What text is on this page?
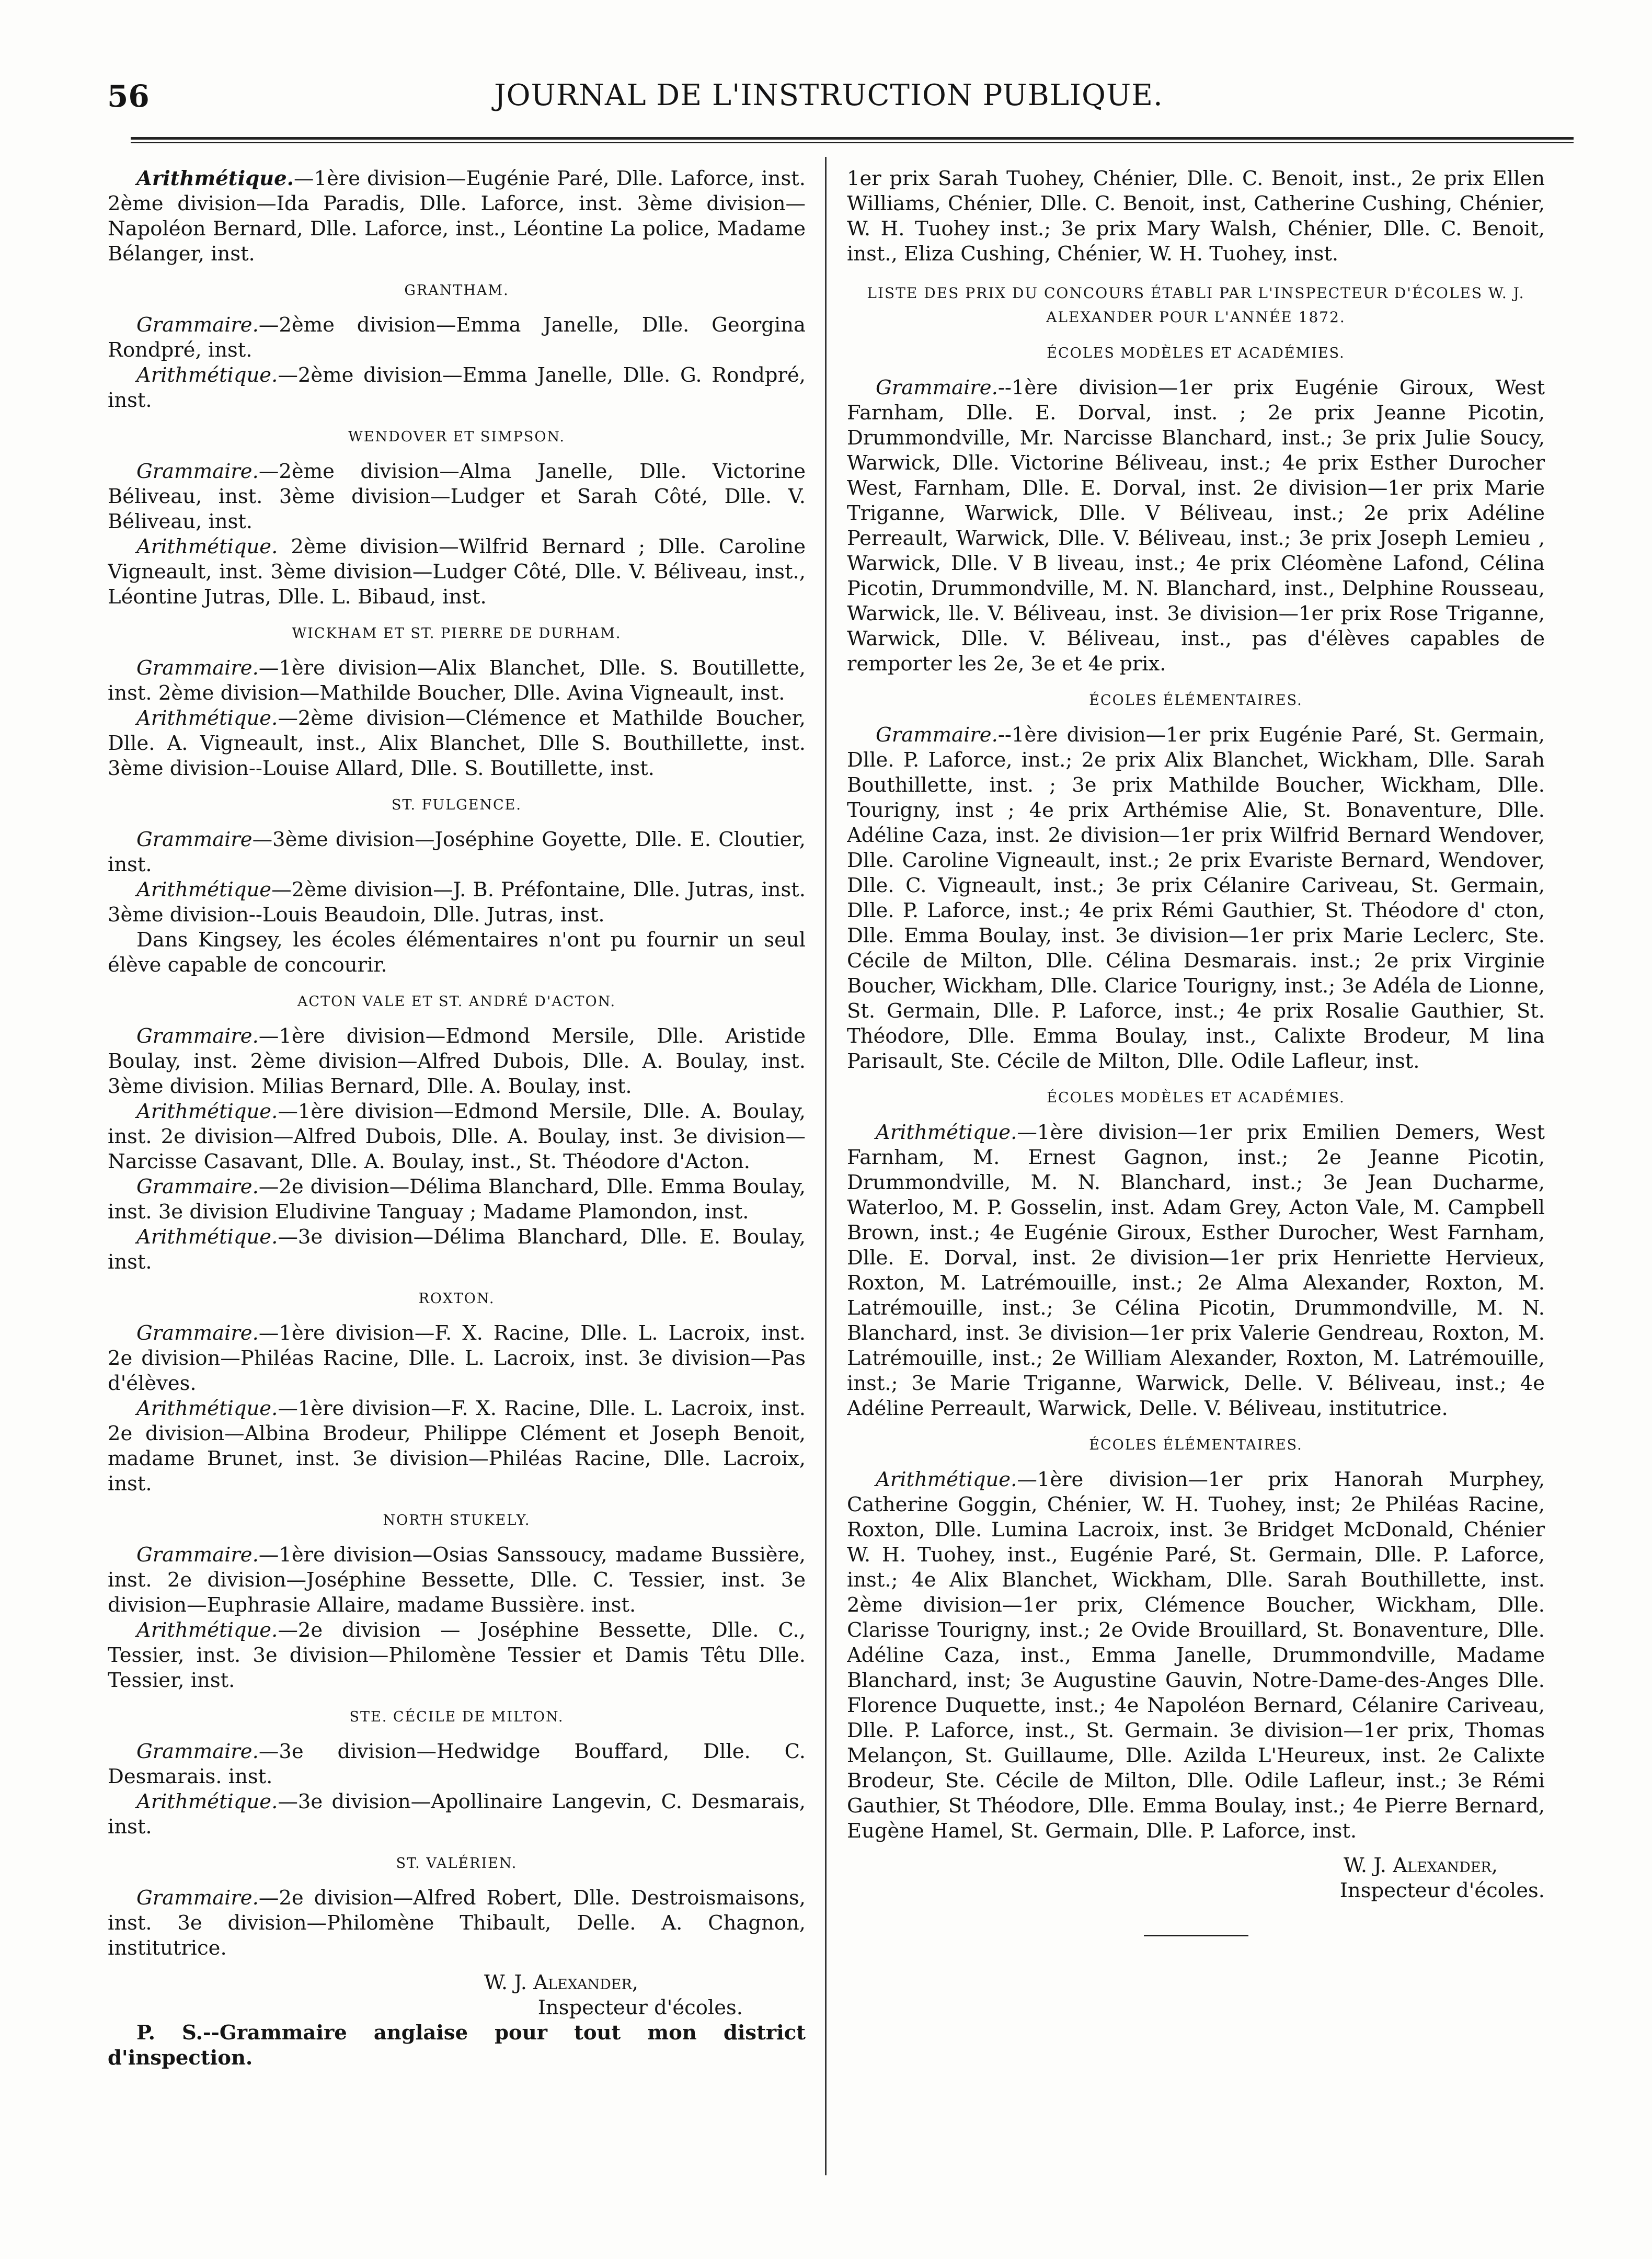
56	JOURNAL DE L'INSTRUCTION PUBLIQUE.

Arithmétique.—1ère division—Eugénie Paré, Dlle. Laforce, inst. 2ème division—Ida Paradis, Dlle. Laforce, inst. 3ème division—Napoléon Bernard, Dlle. Laforce, inst., Léontine La police, Madame Bélanger, inst.

GRANTHAM.

Grammaire.—2ème division—Emma Janelle, Dlle. Georgina Rondpré, inst.

Arithmétique.—2ème division—Emma Janelle, Dlle. G. Rondpré, inst.

WENDOVER ET SIMPSON.

Grammaire.—2ème division—Alma Janelle, Dlle. Victorine Béliveau, inst. 3ème division—Ludger et Sarah Côté, Dlle. V. Béliveau, inst.

Arithmétique. 2ème division—Wilfrid Bernard ; Dlle. Caroline Vigneault, inst. 3ème division—Ludger Côté, Dlle. V. Béliveau, inst., Léontine Jutras, Dlle. L. Bibaud, inst.

WICKHAM ET ST. PIERRE DE DURHAM.

Grammaire.—1ère division—Alix Blanchet, Dlle. S. Boutillette, inst. 2ème division—Mathilde Boucher, Dlle. Avina Vigneault, inst.

Arithmétique.—2ème division—Clémence et Mathilde Boucher, Dlle. A. Vigneault, inst., Alix Blanchet, Dlle S. Bouthillette, inst. 3ème division--Louise Allard, Dlle. S. Boutillette, inst.

ST. FULGENCE.

Grammaire—3ème division—Joséphine Goyette, Dlle. E. Cloutier, inst.

Arithmétique—2ème division—J. B. Préfontaine, Dlle. Jutras, inst. 3ème division--Louis Beaudoin, Dlle. Jutras, inst.

Dans Kingsey, les écoles élémentaires n'ont pu fournir un seul élève capable de concourir.

ACTON VALE ET ST. ANDRÉ D'ACTON.

Grammaire.—1ère division—Edmond Mersile, Dlle. Aristide Boulay, inst. 2ème division—Alfred Dubois, Dlle. A. Boulay, inst. 3ème division. Milias Bernard, Dlle. A. Boulay, inst.

Arithmétique.—1ère division—Edmond Mersile, Dlle. A. Boulay, inst. 2e division—Alfred Dubois, Dlle. A. Boulay, inst. 3e division—Narcisse Casavant, Dlle. A. Boulay, inst., St. Théodore d'Acton.

Grammaire.—2e division—Délima Blanchard, Dlle. Emma Boulay, inst. 3e division Eludivine Tanguay ; Madame Plamondon, inst.

Arithmétique.—3e division—Délima Blanchard, Dlle. E. Boulay, inst.

ROXTON.

Grammaire.—1ère division—F. X. Racine, Dlle. L. Lacroix, inst. 2e division—Philéas Racine, Dlle. L. Lacroix, inst. 3e division—Pas d'élèves.

Arithmétique.—1ère division—F. X. Racine, Dlle. L. Lacroix, inst. 2e division—Albina Brodeur, Philippe Clément et Joseph Benoit, madame Brunet, inst. 3e division—Philéas Racine, Dlle. Lacroix, inst.

NORTH STUKELY.

Grammaire.—1ère division—Osias Sanssoucy, madame Bussière, inst. 2e division—Joséphine Bessette, Dlle. C. Tessier, inst. 3e division—Euphrasie Allaire, madame Bussière. inst.

Arithmétique.—2e division — Joséphine Bessette, Dlle. C., Tessier, inst. 3e division—Philomène Tessier et Damis Têtu Dlle. Tessier, inst.

STE. CÉCILE DE MILTON.

Grammaire.—3e division—Hedwidge Bouffard, Dlle. C. Desmarais. inst.

Arithmétique.—3e division—Apollinaire Langevin, C. Desmarais, inst.

ST. VALÉRIEN.

Grammaire.—2e division—Alfred Robert, Dlle. Destroismaisons, inst. 3e division—Philomène Thibault, Delle. A. Chagnon, institutrice.

W. J. Alexander,
Inspecteur d'écoles.

P. S.--Grammaire anglaise pour tout mon district d'inspection.

1er prix Sarah Tuohey, Chénier, Dlle. C. Benoit, inst., 2e prix Ellen Williams, Chénier, Dlle. C. Benoit, inst, Catherine Cushing, Chénier, W. H. Tuohey inst.; 3e prix Mary Walsh, Chénier, Dlle. C. Benoit, inst., Eliza Cushing, Chénier, W. H. Tuohey, inst.

LISTE DES PRIX DU CONCOURS ÉTABLI PAR L'INSPECTEUR D'ÉCOLES W. J. ALEXANDER POUR L'ANNÉE 1872.
ÉCOLES MODÈLES ET ACADÉMIES.

Grammaire.--1ère division—1er prix Eugénie Giroux, West Farnham, Dlle. E. Dorval, inst. ; 2e prix Jeanne Picotin, Drummondville, Mr. Narcisse Blanchard, inst.; 3e prix Julie Soucy, Warwick, Dlle. Victorine Béliveau, inst.; 4e prix Esther Durocher West, Farnham, Dlle. E. Dorval, inst. 2e division—1er prix Marie Triganne, Warwick, Dlle. V Béliveau, inst.; 2e prix Adéline Perreault, Warwick, Dlle. V. Béliveau, inst.; 3e prix Joseph Lemieu , Warwick, Dlle. V B liveau, inst.; 4e prix Cléomène Lafond, Célina Picotin, Drummondville, M. N. Blanchard, inst., Delphine Rousseau, Warwick, lle. V. Béliveau, inst. 3e division—1er prix Rose Triganne, Warwick, Dlle. V. Béliveau, inst., pas d'élèves capables de remporter les 2e, 3e et 4e prix.

ÉCOLES ÉLÉMENTAIRES.

Grammaire.--1ère division—1er prix Eugénie Paré, St. Germain, Dlle. P. Laforce, inst.; 2e prix Alix Blanchet, Wickham, Dlle. Sarah Bouthillette, inst. ; 3e prix Mathilde Boucher, Wickham, Dlle. Tourigny, inst ; 4e prix Arthémise Alie, St. Bonaventure, Dlle. Adéline Caza, inst. 2e division—1er prix Wilfrid Bernard Wendover, Dlle. Caroline Vigneault, inst.; 2e prix Evariste Bernard, Wendover, Dlle. C. Vigneault, inst.; 3e prix Célanire Cariveau, St. Germain, Dlle. P. Laforce, inst.; 4e prix Rémi Gauthier, St. Théodore d' cton, Dlle. Emma Boulay, inst. 3e division—1er prix Marie Leclerc, Ste. Cécile de Milton, Dlle. Célina Desmarais. inst.; 2e prix Virginie Boucher, Wickham, Dlle. Clarice Tourigny, inst.; 3e Adéla de Lionne, St. Germain, Dlle. P. Laforce, inst.; 4e prix Rosalie Gauthier, St. Théodore, Dlle. Emma Boulay, inst., Calixte Brodeur, M lina Parisault, Ste. Cécile de Milton, Dlle. Odile Lafleur, inst.

ÉCOLES MODÈLES ET ACADÉMIES.

Arithmétique.—1ère division—1er prix Emilien Demers, West Farnham, M. Ernest Gagnon, inst.; 2e Jeanne Picotin, Drummondville, M. N. Blanchard, inst.; 3e Jean Ducharme, Waterloo, M. P. Gosselin, inst. Adam Grey, Acton Vale, M. Campbell Brown, inst.; 4e Eugénie Giroux, Esther Durocher, West Farnham, Dlle. E. Dorval, inst. 2e division—1er prix Henriette Hervieux, Roxton, M. Latrémouille, inst.; 2e Alma Alexander, Roxton, M. Latrémouille, inst.; 3e Célina Picotin, Drummondville, M. N. Blanchard, inst. 3e division—1er prix Valerie Gendreau, Roxton, M. Latrémouille, inst.; 2e William Alexander, Roxton, M. Latrémouille, inst.; 3e Marie Triganne, Warwick, Delle. V. Béliveau, inst.; 4e Adéline Perreault, Warwick, Delle. V. Béliveau, institutrice.

ÉCOLES ÉLÉMENTAIRES.

Arithmétique.—1ère division—1er prix Hanorah Murphey, Catherine Goggin, Chénier, W. H. Tuohey, inst; 2e Philéas Racine, Roxton, Dlle. Lumina Lacroix, inst. 3e Bridget McDonald, Chénier W. H. Tuohey, inst., Eugénie Paré, St. Germain, Dlle. P. Laforce, inst.; 4e Alix Blanchet, Wickham, Dlle. Sarah Bouthillette, inst. 2ème division—1er prix, Clémence Boucher, Wickham, Dlle. Clarisse Tourigny, inst.; 2e Ovide Brouillard, St. Bonaventure, Dlle. Adéline Caza, inst., Emma Janelle, Drummondville, Madame Blanchard, inst; 3e Augustine Gauvin, Notre-Dame-des-Anges Dlle. Florence Duquette, inst.; 4e Napoléon Bernard, Célanire Cariveau, Dlle. P. Laforce, inst., St. Germain. 3e division—1er prix, Thomas Melançon, St. Guillaume, Dlle. Azilda L'Heureux, inst. 2e Calixte Brodeur, Ste. Cécile de Milton, Dlle. Odile Lafleur, inst.; 3e Rémi Gauthier, St Théodore, Dlle. Emma Boulay, inst.; 4e Pierre Bernard, Eugène Hamel, St. Germain, Dlle. P. Laforce, inst.

W. J. Alexander,
Inspecteur d'écoles.
